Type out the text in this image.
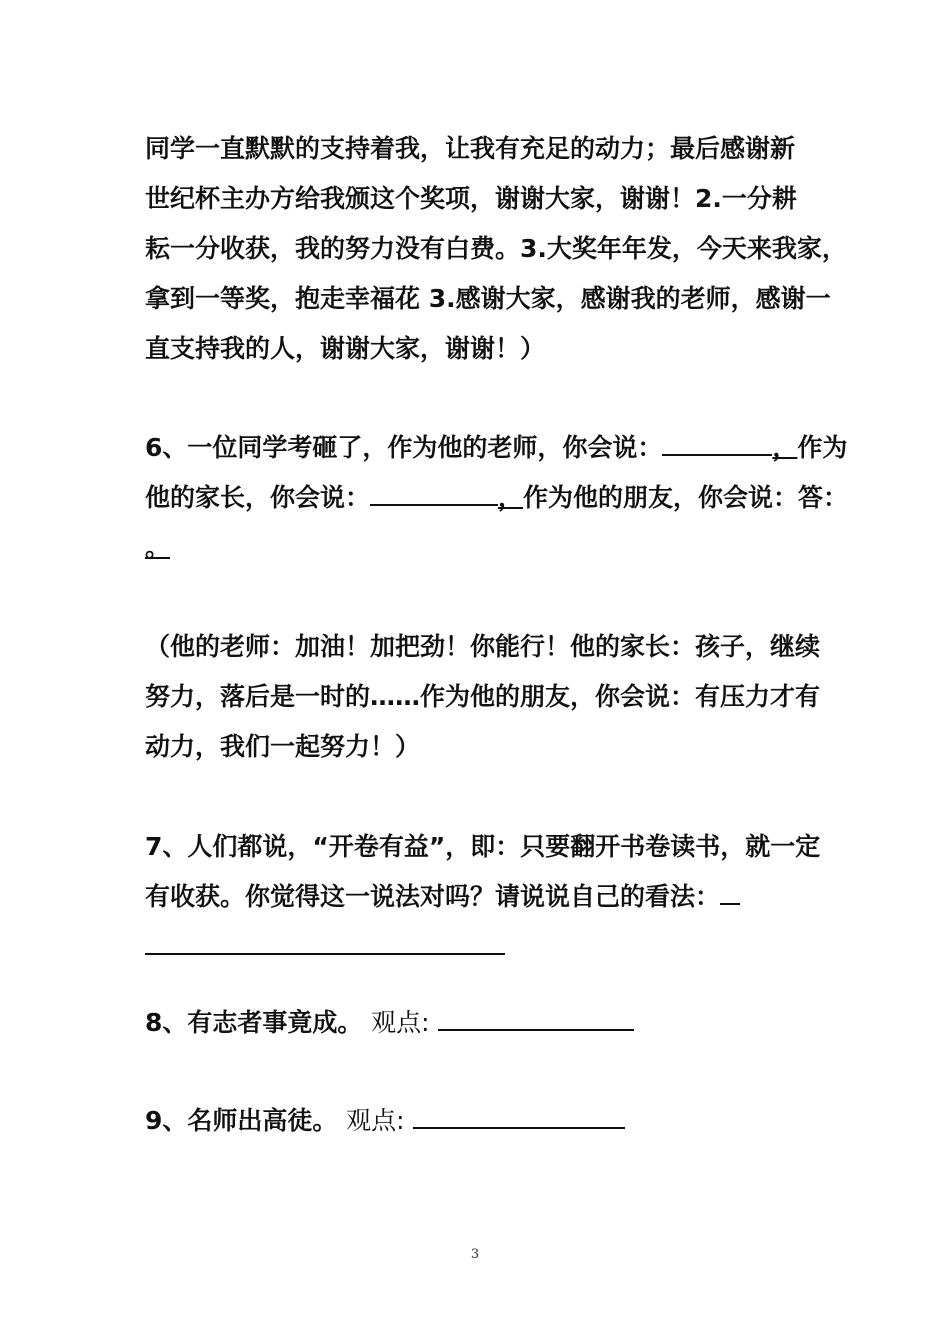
同学一直默默的支持着我，让我有充足的动力；最后感谢新
世纪杯主办方给我颁这个奖项，谢谢大家，谢谢！2.一分耕
耘一分收获，我的努力没有白费。3.大奖年年发，今天来我家，
拿到一等奖，抱走幸福花 3.感谢大家，感谢我的老师，感谢一
直支持我的人，谢谢大家，谢谢！）
6、一位同学考砸了，作为他的老师，你会说：	，作为
他的家长，你会说：	，作为他的朋友，你会说：答：
。
（他的老师：加油！加把劲！你能行！他的家长：孩子，继续
努力，落后是一时的……作为他的朋友，你会说：有压力才有
动力，我们一起努力！）
7、人们都说，“开卷有益”，即：只要翻开书卷读书，就一定
有收获。你觉得这一说法对吗？请说说自己的看法：
8、有志者事竟成。 观点:
9、名师出高徒。 观点:
3
